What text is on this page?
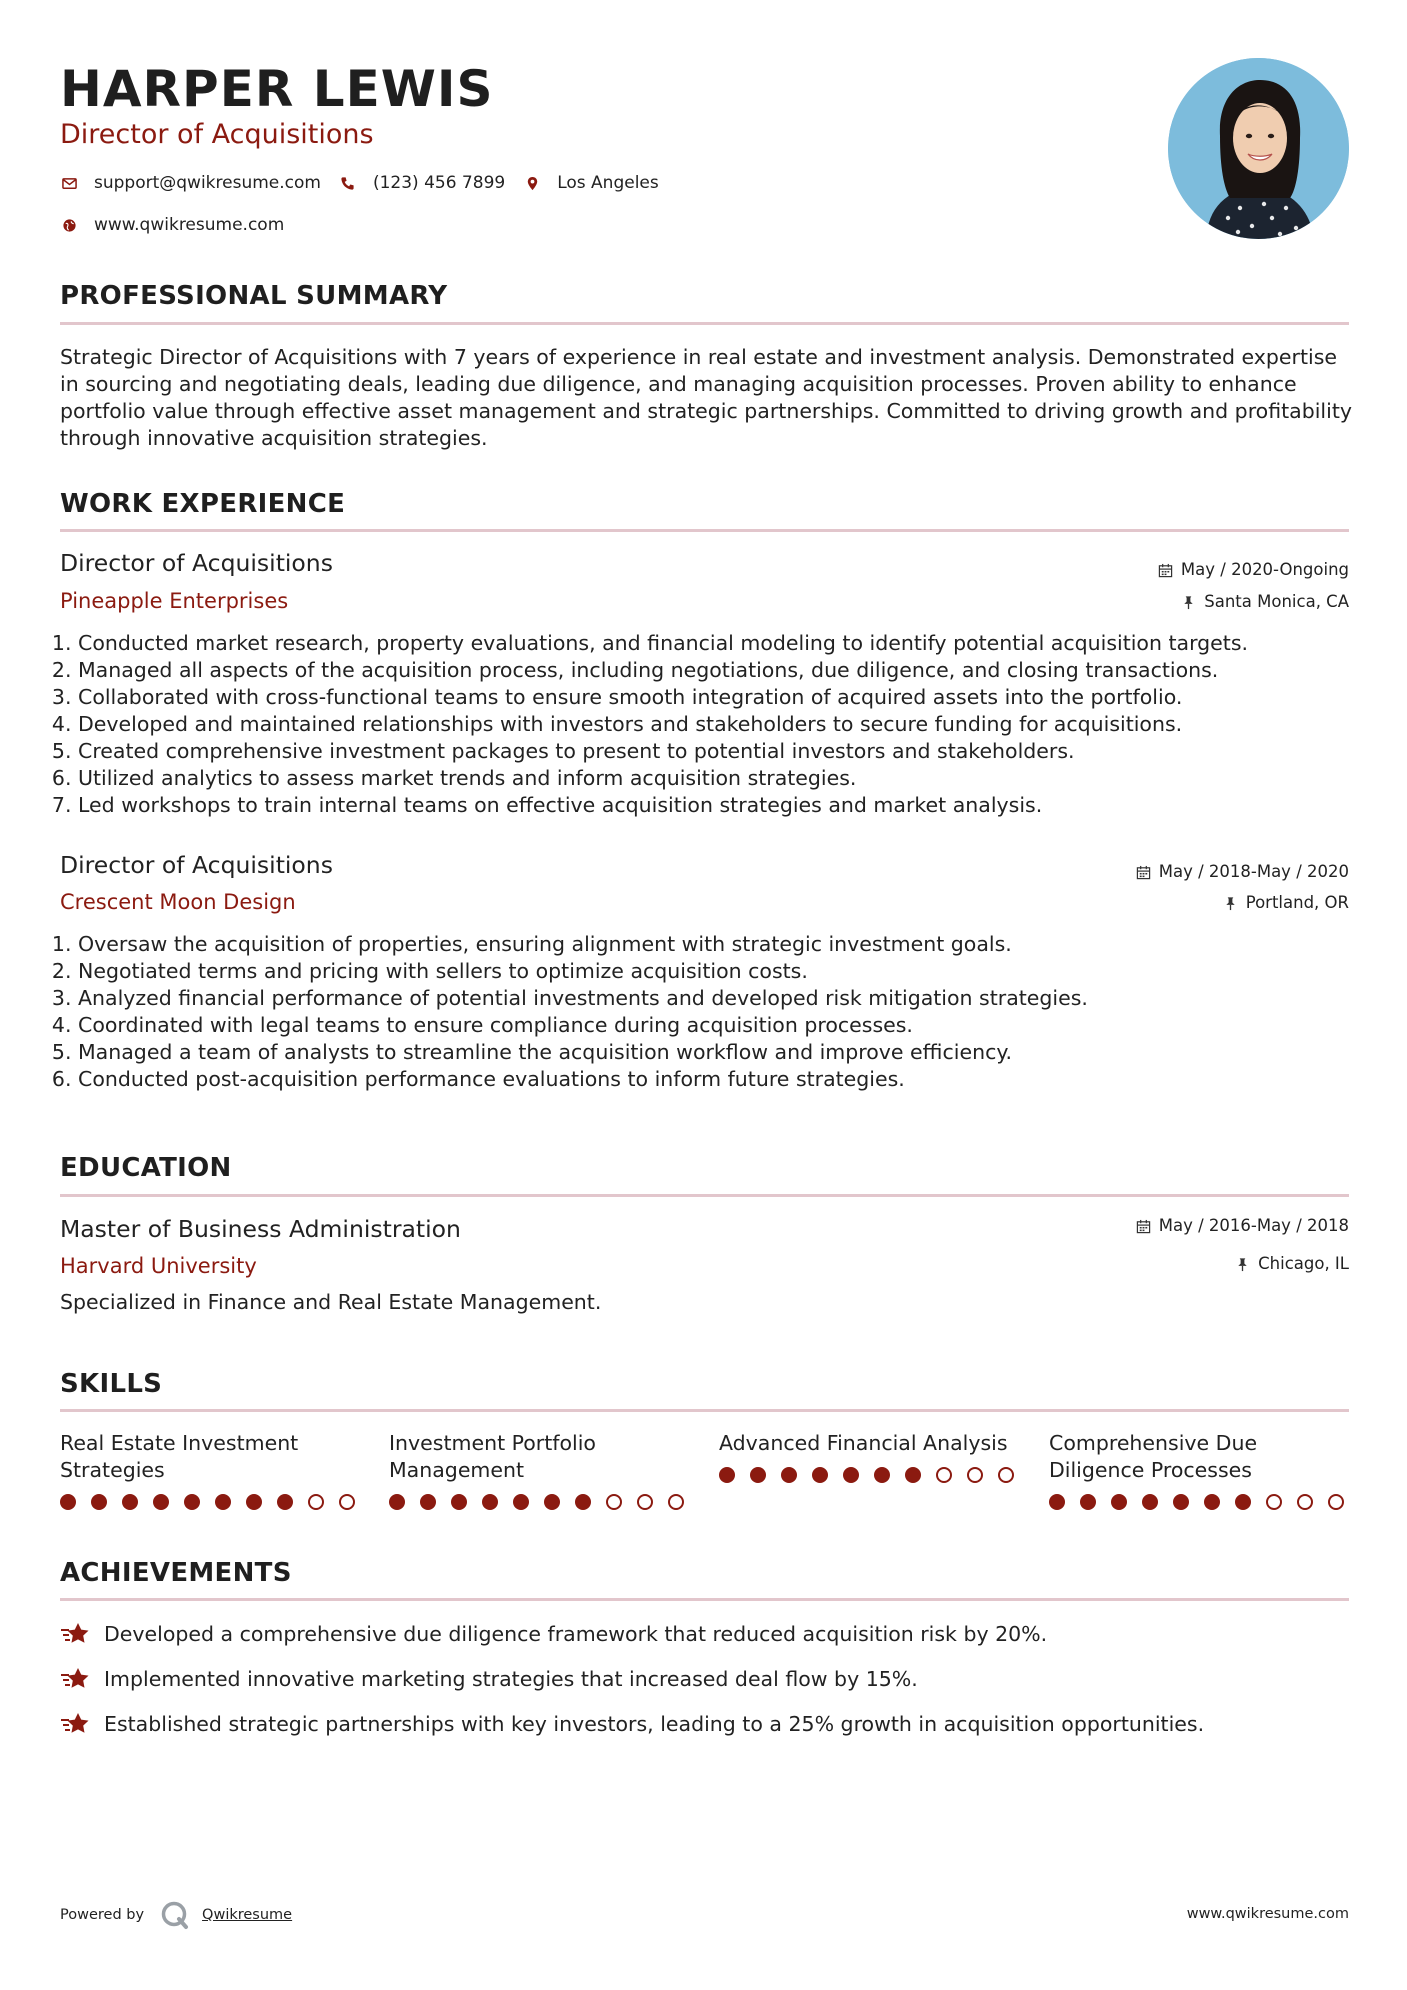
HARPER LEWIS
Director of Acquisitions
support@qwikresume.com	(123) 456 7899	Los Angeles
www.qwikresume.com
PROFESSIONAL SUMMARY
Strategic Director of Acquisitions with 7 years of experience in real estate and investment analysis. Demonstrated expertise in sourcing and negotiating deals, leading due diligence, and managing acquisition processes. Proven ability to enhance portfolio value through effective asset management and strategic partnerships. Committed to driving growth and profitability through innovative acquisition strategies.
WORK EXPERIENCE
Director of Acquisitions	May / 2020-Ongoing
Pineapple Enterprises	Santa Monica, CA
1. Conducted market research, property evaluations, and financial modeling to identify potential acquisition targets.
2. Managed all aspects of the acquisition process, including negotiations, due diligence, and closing transactions.
3. Collaborated with cross-functional teams to ensure smooth integration of acquired assets into the portfolio.
4. Developed and maintained relationships with investors and stakeholders to secure funding for acquisitions.
5. Created comprehensive investment packages to present to potential investors and stakeholders.
6. Utilized analytics to assess market trends and inform acquisition strategies.
7. Led workshops to train internal teams on effective acquisition strategies and market analysis.
Director of Acquisitions	May / 2018-May / 2020
Crescent Moon Design	Portland, OR
1. Oversaw the acquisition of properties, ensuring alignment with strategic investment goals.
2. Negotiated terms and pricing with sellers to optimize acquisition costs.
3. Analyzed financial performance of potential investments and developed risk mitigation strategies.
4. Coordinated with legal teams to ensure compliance during acquisition processes.
5. Managed a team of analysts to streamline the acquisition workflow and improve efficiency.
6. Conducted post-acquisition performance evaluations to inform future strategies.
EDUCATION
Master of Business Administration	May / 2016-May / 2018
Harvard University	Chicago, IL
Specialized in Finance and Real Estate Management.
SKILLS
Real Estate Investment Strategies
Investment Portfolio Management
Advanced Financial Analysis	Comprehensive Due Diligence Processes
ACHIEVEMENTS
Developed a comprehensive due diligence framework that reduced acquisition risk by 20%.
Implemented innovative marketing strategies that increased deal flow by 15%.
Established strategic partnerships with key investors, leading to a 25% growth in acquisition opportunities.
Powered by	Qwikresume	www.qwikresume.com
